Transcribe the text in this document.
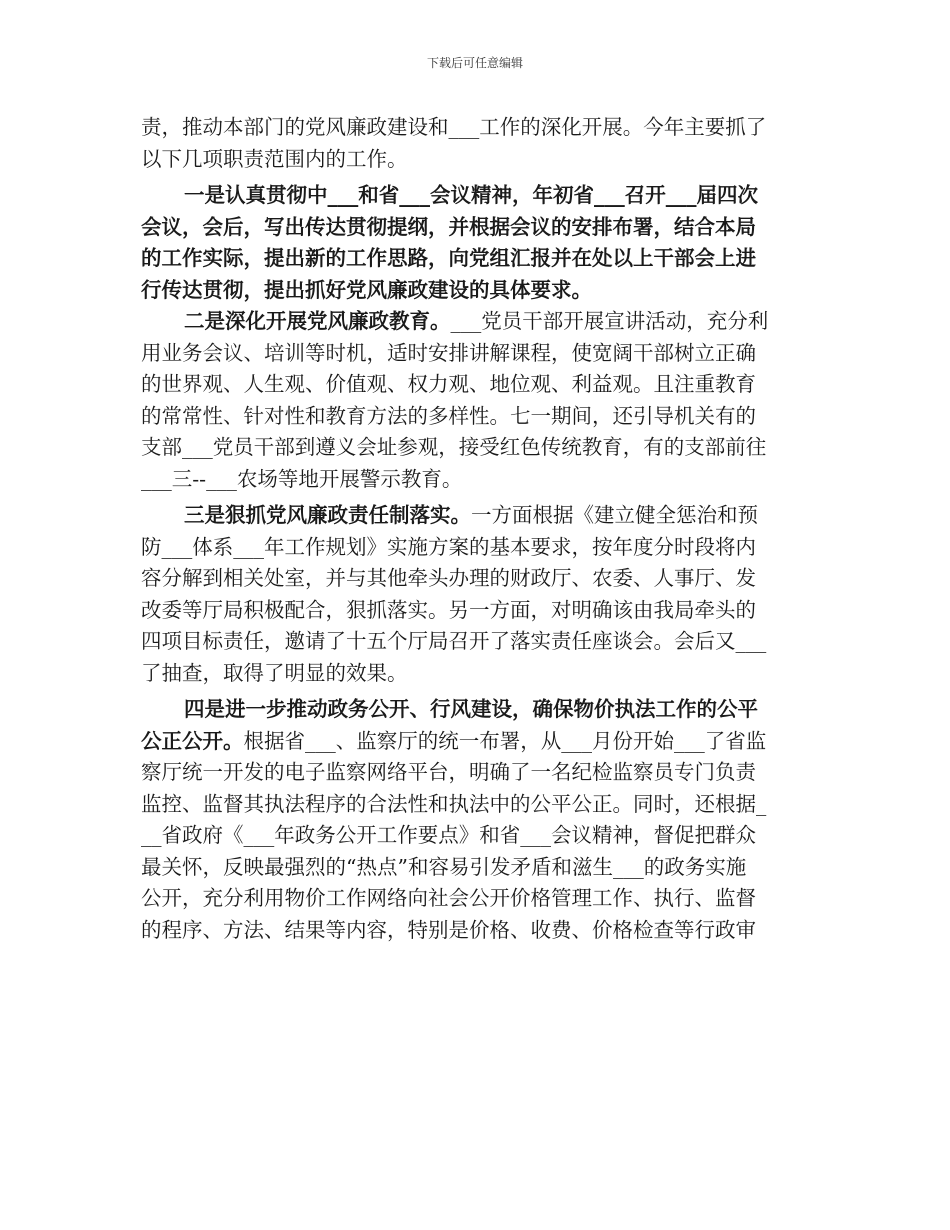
下载后可任意编辑
责，推动本部门的党风廉政建设和___工作的深化开展。今年主要抓了
以下几项职责范围内的工作。
一是认真贯彻中___和省___会议精神，年初省___召开___届四次
会议，会后，写出传达贯彻提纲，并根据会议的安排布署，结合本局
的工作实际，提出新的工作思路，向党组汇报并在处以上干部会上进
行传达贯彻，提出抓好党风廉政建设的具体要求。
二是深化开展党风廉政教育。___党员干部开展宣讲活动，充分利
用业务会议、培训等时机，适时安排讲解课程，使宽阔干部树立正确
的世界观、人生观、价值观、权力观、地位观、利益观。且注重教育
的常常性、针对性和教育方法的多样性。七一期间，还引导机关有的
支部___党员干部到遵义会址参观，接受红色传统教育，有的支部前往
___三--___农场等地开展警示教育。
三是狠抓党风廉政责任制落实。一方面根据《建立健全惩治和预
防___体系___年工作规划》实施方案的基本要求，按年度分时段将内
容分解到相关处室，并与其他牵头办理的财政厅、农委、人事厅、发
改委等厅局积极配合，狠抓落实。另一方面，对明确该由我局牵头的
四项目标责任，邀请了十五个厅局召开了落实责任座谈会。会后又___
了抽查，取得了明显的效果。
四是进一步推动政务公开、行风建设，确保物价执法工作的公平
公正公开。根据省___、监察厅的统一布署，从___月份开始___了省监
察厅统一开发的电子监察网络平台，明确了一名纪检监察员专门负责
监控、监督其执法程序的合法性和执法中的公平公正。同时，还根据_
__省政府《___年政务公开工作要点》和省___会议精神，督促把群众
最关怀，反映最强烈的“热点”和容易引发矛盾和滋生___的政务实施
公开，充分利用物价工作网络向社会公开价格管理工作、执行、监督
的程序、方法、结果等内容，特别是价格、收费、价格检查等行政审
